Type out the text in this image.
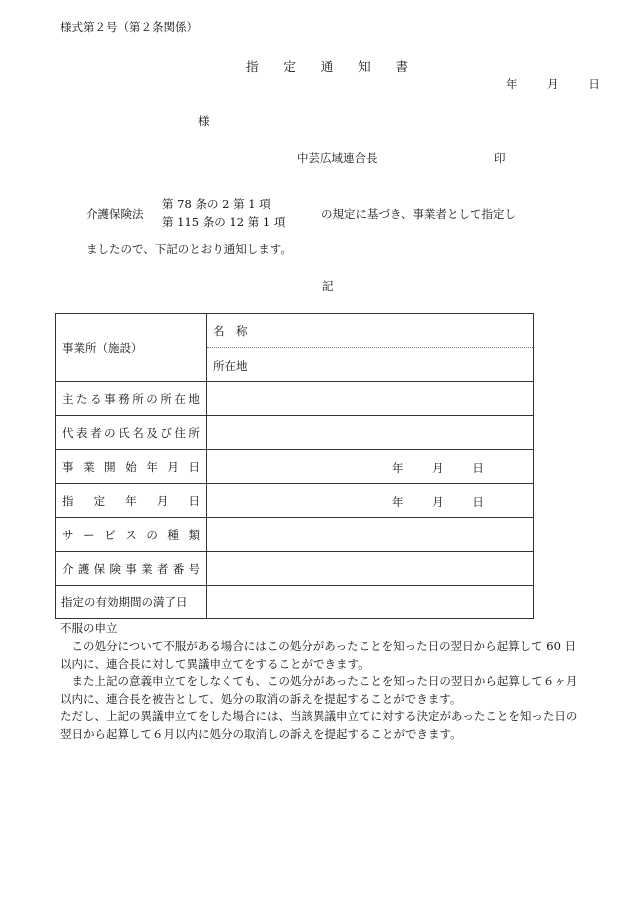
様式第２号（第２条関係）
指 定 通 知 書
年	月	日
様
中芸広域連合長	印
介護保険法
第 78 条の 2 第 1 項
第 115 条の 12 第 1 項
の規定に基づき、事業者として指定し
ましたので、下記のとおり通知します。
記
事業所（施設）
名　称
所在地
主 た る 事 務 所 の 所 在 地
代 表 者 の 氏 名 及 び 住 所
事 業 開 始 年 月 日	年 月 日
指 定 年 月 日	年 月 日
サ ー ビ ス の 種 類
介 護 保 険 事 業 者 番 号
指定の有効期間の満了日
不服の申立

　この処分について不服がある場合にはこの処分があったことを知った日の翌日から起算して 60 日

以内に、連合長に対して異議申立てをすることができます。

　また上記の意義申立てをしなくても、この処分があったことを知った日の翌日から起算して６ヶ月

以内に、連合長を被告として、処分の取消の訴えを提起することができます。

ただし、上記の異議申立てをした場合には、当該異議申立てに対する決定があったことを知った日の

翌日から起算して６月以内に処分の取消しの訴えを提起することができます。
